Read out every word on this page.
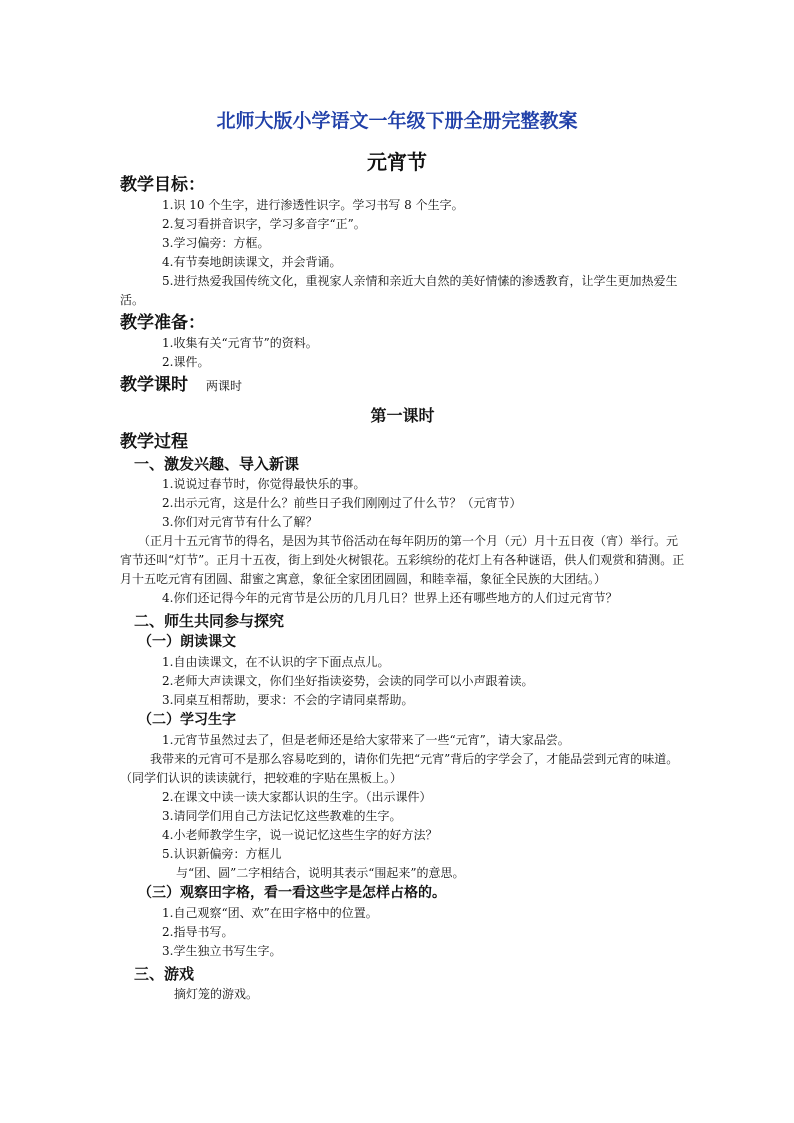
北师大版小学语文一年级下册全册完整教案
元宵节
教学目标：

1.识 10 个生字，进行渗透性识字。学习书写 8 个生字。

2.复习看拼音识字，学习多音字“正”。

3.学习偏旁：方框。

4.有节奏地朗读课文，并会背诵。

5.进行热爱我国传统文化，重视家人亲情和亲近大自然的美好情愫的渗透教育，让学生更加热爱生活。

教学准备：

1.收集有关“元宵节”的资料。

2.课件。

教学课时 两课时
第一课时
教学过程
一、激发兴趣、导入新课

1.说说过春节时，你觉得最快乐的事。

2.出示元宵，这是什么？前些日子我们刚刚过了什么节？（元宵节）

3.你们对元宵节有什么了解？

（正月十五元宵节的得名，是因为其节俗活动在每年阴历的第一个月（元）月十五日夜（宵）举行。元宵节还叫“灯节”。正月十五夜，街上到处火树银花。五彩缤纷的花灯上有各种谜语，供人们观赏和猜测。正月十五吃元宵有团圆、甜蜜之寓意，象征全家团团圆圆，和睦幸福，象征全民族的大团结。）

4.你们还记得今年的元宵节是公历的几月几日？世界上还有哪些地方的人们过元宵节？

二、师生共同参与探究
（一）朗读课文

1.自由读课文，在不认识的字下面点点儿。

2.老师大声读课文，你们坐好指读姿势，会读的同学可以小声跟着读。

3.同桌互相帮助，要求：不会的字请同桌帮助。

（二）学习生字

1.元宵节虽然过去了，但是老师还是给大家带来了一些“元宵”，请大家品尝。

我带来的元宵可不是那么容易吃到的，请你们先把“元宵”背后的字学会了，才能品尝到元宵的味道。（同学们认识的读读就行，把较难的字贴在黑板上。）

2.在课文中读一读大家都认识的生字。（出示课件）

3.请同学们用自己方法记忆这些教难的生字。

4.小老师教学生字，说一说记忆这些生字的好方法？

5.认识新偏旁：方框儿

与“团、圆”二字相结合，说明其表示“围起来”的意思。

（三）观察田字格，看一看这些字是怎样占格的。

1.自己观察“团、欢”在田字格中的位置。

2.指导书写。

3.学生独立书写生字。

三、游戏

摘灯笼的游戏。
